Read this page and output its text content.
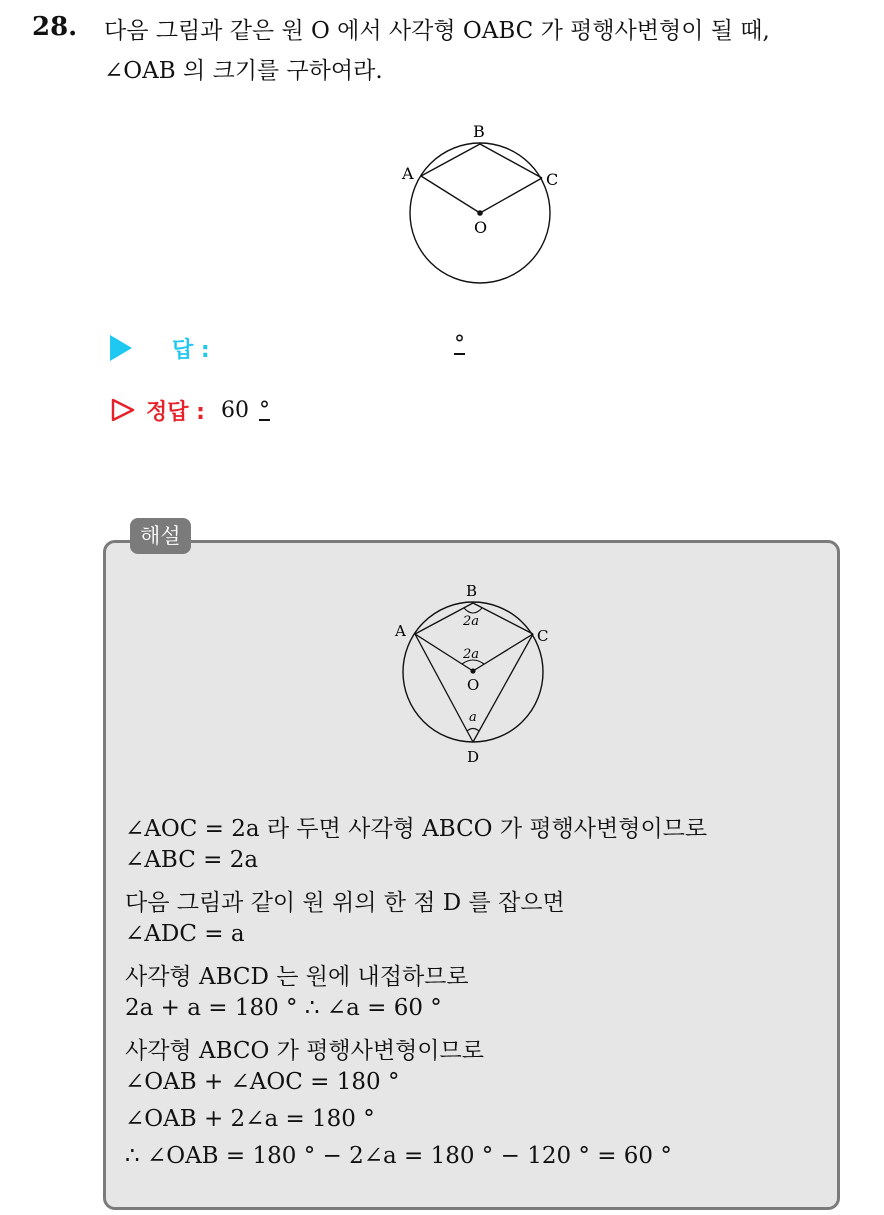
28. 다음 그림과 같은 원 O 에서 사각형 OABC 가 평행사변형이 될 때,
∠OAB 의 크기를 구하여라.
B
A	C
O
답 :	°
정답 : 60 °
해설
B
A	C
O
D
2a
2a
a
∠AOC = 2a 라 두면 사각형 ABCO 가 평행사변형이므로
∠ABC = 2a
다음 그림과 같이 원 위의 한 점 D 를 잡으면
∠ADC = a
사각형 ABCD 는 원에 내접하므로
2a + a = 180 ° ∴ ∠a = 60 °
사각형 ABCO 가 평행사변형이므로
∠OAB + ∠AOC = 180 °
∠OAB + 2∠a = 180 °
∴ ∠OAB = 180 ° − 2∠a = 180 ° − 120 ° = 60 °
